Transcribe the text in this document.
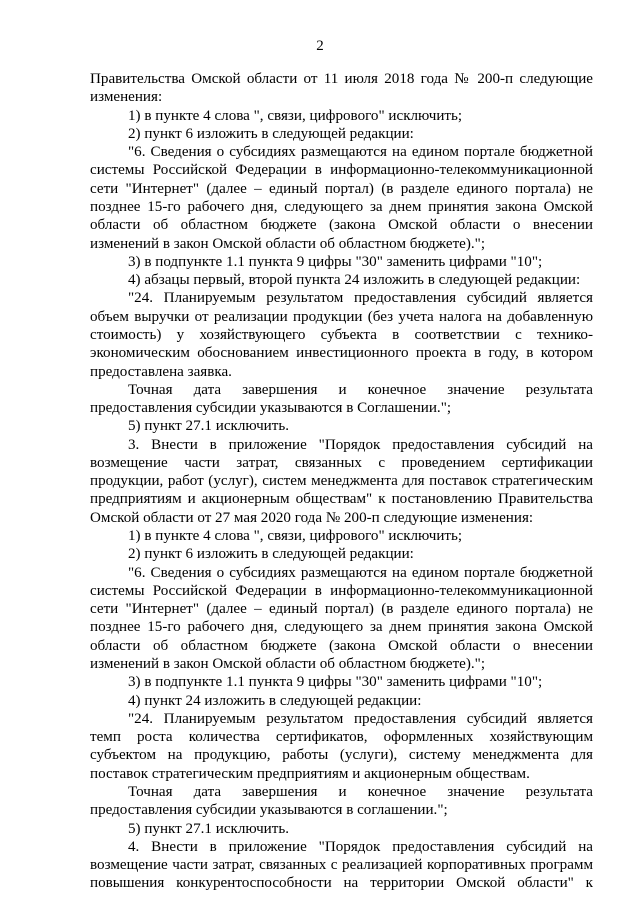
2

Правительства Омской области от 11 июля 2018 года № 200-п следующие изменения:

1) в пункте 4 слова ", связи, цифрового" исключить;

2) пункт 6 изложить в следующей редакции:

"6. Сведения о субсидиях размещаются на едином портале бюджетной системы Российской Федерации в информационно-телекоммуникационной сети "Интернет" (далее – единый портал) (в разделе единого портала) не позднее 15-го рабочего дня, следующего за днем принятия закона Омской области об областном бюджете (закона Омской области о внесении изменений в закон Омской области об областном бюджете).";

3) в подпункте 1.1 пункта 9 цифры "30" заменить цифрами "10";

4) абзацы первый, второй пункта 24 изложить в следующей редакции:

"24. Планируемым результатом предоставления субсидий является объем выручки от реализации продукции (без учета налога на добавленную стоимость) у хозяйствующего субъекта в соответствии с технико-экономическим обоснованием инвестиционного проекта в году, в котором предоставлена заявка.

Точная дата завершения и конечное значение результата предоставления субсидии указываются в Соглашении.";

5) пункт 27.1 исключить.

3. Внести в приложение "Порядок предоставления субсидий на возмещение части затрат, связанных с проведением сертификации продукции, работ (услуг), систем менеджмента для поставок стратегическим предприятиям и акционерным обществам" к постановлению Правительства Омской области от 27 мая 2020 года № 200-п следующие изменения:

1) в пункте 4 слова ", связи, цифрового" исключить;

2) пункт 6 изложить в следующей редакции:

"6. Сведения о субсидиях размещаются на едином портале бюджетной системы Российской Федерации в информационно-телекоммуникационной сети "Интернет" (далее – единый портал) (в разделе единого портала) не позднее 15-го рабочего дня, следующего за днем принятия закона Омской области об областном бюджете (закона Омской области о внесении изменений в закон Омской области об областном бюджете).";

3) в подпункте 1.1 пункта 9 цифры "30" заменить цифрами "10";

4) пункт 24 изложить в следующей редакции:

"24. Планируемым результатом предоставления субсидий является темп роста количества сертификатов, оформленных хозяйствующим субъектом на продукцию, работы (услуги), систему менеджмента для поставок стратегическим предприятиям и акционерным обществам.

Точная дата завершения и конечное значение результата предоставления субсидии указываются в соглашении.";

5) пункт 27.1 исключить.

4. Внести в приложение "Порядок предоставления субсидий на возмещение части затрат, связанных с реализацией корпоративных программ повышения конкурентоспособности на территории Омской области" к
